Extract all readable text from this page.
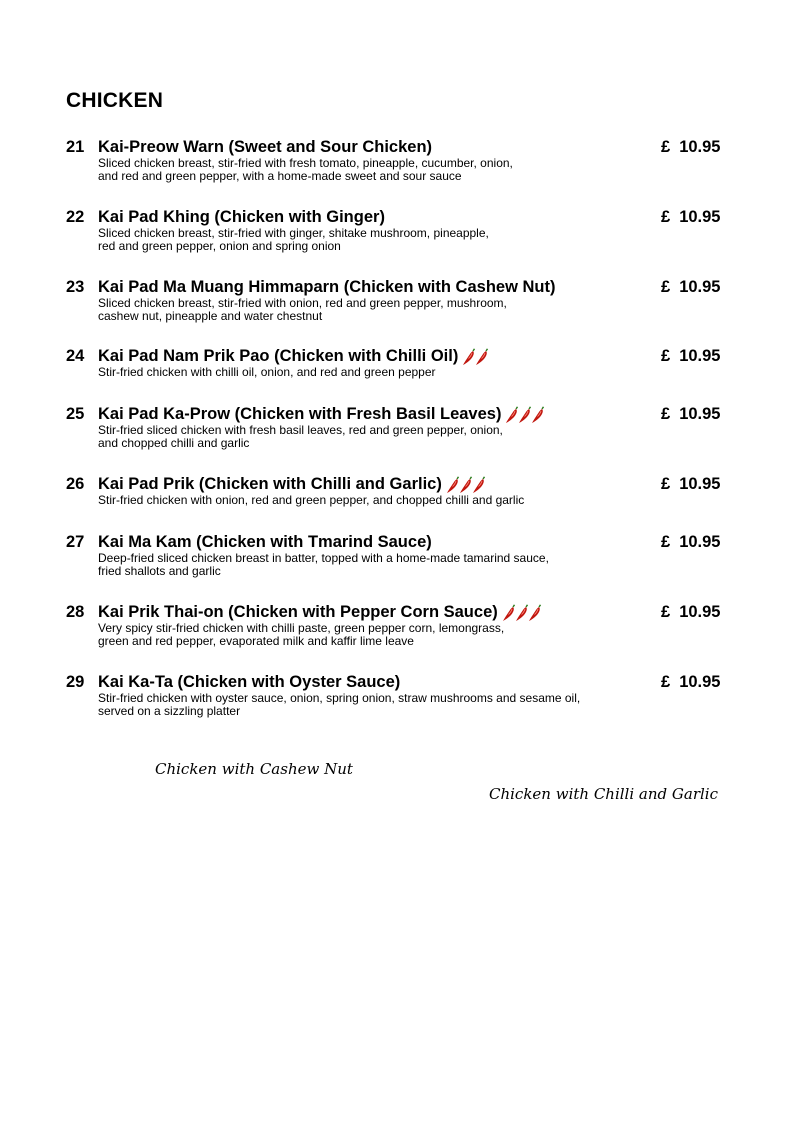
CHICKEN
21 Kai-Preow Warn (Sweet and Sour Chicken)	£ 10.95
Sliced chicken breast, stir-fried with fresh tomato, pineapple, cucumber, onion,
and red and green pepper, with a home-made sweet and sour sauce
22 Kai Pad Khing (Chicken with Ginger)	£ 10.95
Sliced chicken breast, stir-fried with ginger, shitake mushroom, pineapple,
red and green pepper, onion and spring onion
23 Kai Pad Ma Muang Himmaparn (Chicken with Cashew Nut)	£ 10.95
Sliced chicken breast, stir-fried with onion, red and green pepper, mushroom,
cashew nut, pineapple and water chestnut
24 Kai Pad Nam Prik Pao (Chicken with Chilli Oil)	£ 10.95
Stir-fried chicken with chilli oil, onion, and red and green pepper
25 Kai Pad Ka-Prow (Chicken with Fresh Basil Leaves)	£ 10.95
Stir-fried sliced chicken with fresh basil leaves, red and green pepper, onion,
and chopped chilli and garlic
26 Kai Pad Prik (Chicken with Chilli and Garlic)	£ 10.95
Stir-fried chicken with onion, red and green pepper, and chopped chilli and garlic
27 Kai Ma Kam (Chicken with Tmarind Sauce)	£ 10.95
Deep-fried sliced chicken breast in batter, topped with a home-made tamarind sauce,
fried shallots and garlic
28 Kai Prik Thai-on (Chicken with Pepper Corn Sauce)	£ 10.95
Very spicy stir-fried chicken with chilli paste, green pepper corn, lemongrass,
green and red pepper, evaporated milk and kaffir lime leave
29 Kai Ka-Ta (Chicken with Oyster Sauce)	£ 10.95
Stir-fried chicken with oyster sauce, onion, spring onion, straw mushrooms and sesame oil,
served on a sizzling platter
Chicken with Cashew Nut
Chicken with Chilli and Garlic
